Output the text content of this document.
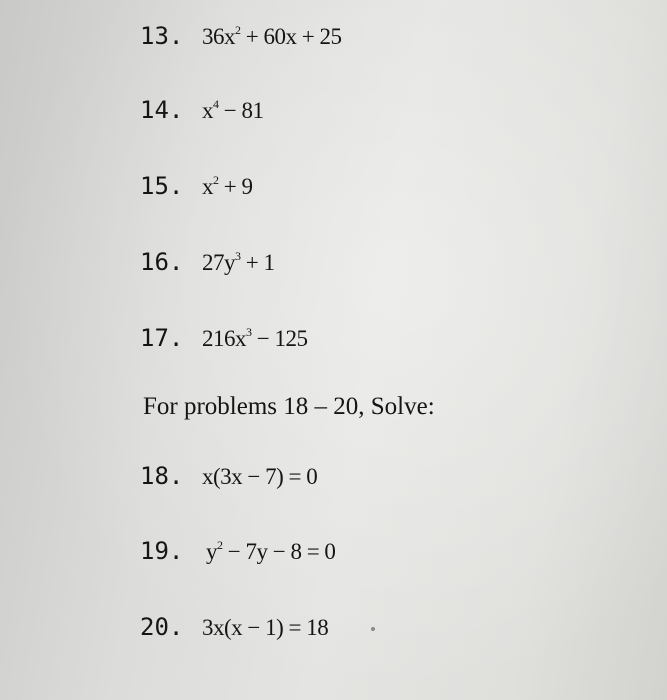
13. $36x^2 + 60x + 25$
14. $x^4 - 81$
15. $x^2 + 9$
16. $27y^3 + 1$
17. $216x^3 - 125$
For problems 18 – 20, Solve:
18. x(3x − 7) = 0
19. $y^2 - 7y - 8 = 0$
20. 3x(x − 1) = 18
